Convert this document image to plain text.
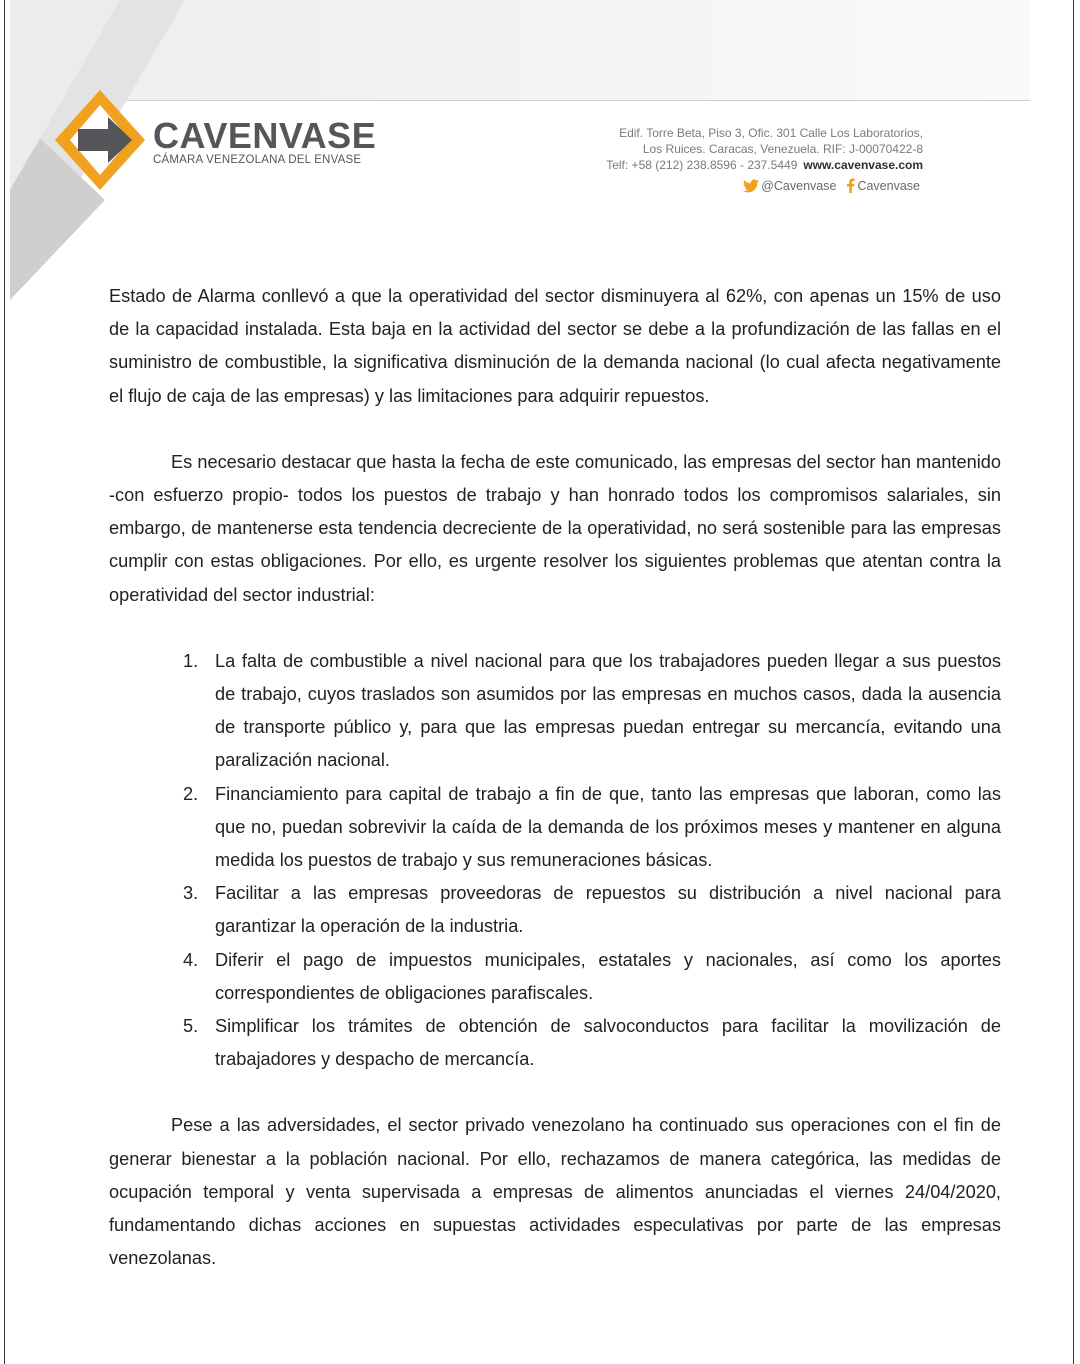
CAVENVASE
CÁMARA VENEZOLANA DEL ENVASE
Edif. Torre Beta, Piso 3, Ofic. 301 Calle Los Laboratorios,
Los Ruices. Caracas, Venezuela. RIF: J-00070422-8
Telf: +58 (212) 238.8596 - 237.5449 www.cavenvase.com
@Cavenvase Cavenvase

Estado de Alarma conllevó a que la operatividad del sector disminuyera al 62%, con apenas un 15% de uso de la capacidad instalada. Esta baja en la actividad del sector se debe a la profundización de las fallas en el suministro de combustible, la significativa disminución de la demanda nacional (lo cual afecta negativamente el flujo de caja de las empresas) y las limitaciones para adquirir repuestos.

Es necesario destacar que hasta la fecha de este comunicado, las empresas del sector han mantenido -con esfuerzo propio- todos los puestos de trabajo y han honrado todos los compromisos salariales, sin embargo, de mantenerse esta tendencia decreciente de la operatividad, no será sostenible para las empresas cumplir con estas obligaciones. Por ello, es urgente resolver los siguientes problemas que atentan contra la operatividad del sector industrial:

1. La falta de combustible a nivel nacional para que los trabajadores pueden llegar a sus puestos de trabajo, cuyos traslados son asumidos por las empresas en muchos casos, dada la ausencia de transporte público y, para que las empresas puedan entregar su mercancía, evitando una paralización nacional.
2. Financiamiento para capital de trabajo a fin de que, tanto las empresas que laboran, como las que no, puedan sobrevivir la caída de la demanda de los próximos meses y mantener en alguna medida los puestos de trabajo y sus remuneraciones básicas.
3. Facilitar a las empresas proveedoras de repuestos su distribución a nivel nacional para garantizar la operación de la industria.
4. Diferir el pago de impuestos municipales, estatales y nacionales, así como los aportes correspondientes de obligaciones parafiscales.
5. Simplificar los trámites de obtención de salvoconductos para facilitar la movilización de trabajadores y despacho de mercancía.

Pese a las adversidades, el sector privado venezolano ha continuado sus operaciones con el fin de generar bienestar a la población nacional. Por ello, rechazamos de manera categórica, las medidas de ocupación temporal y venta supervisada a empresas de alimentos anunciadas el viernes 24/04/2020, fundamentando dichas acciones en supuestas actividades especulativas por parte de las empresas venezolanas.
